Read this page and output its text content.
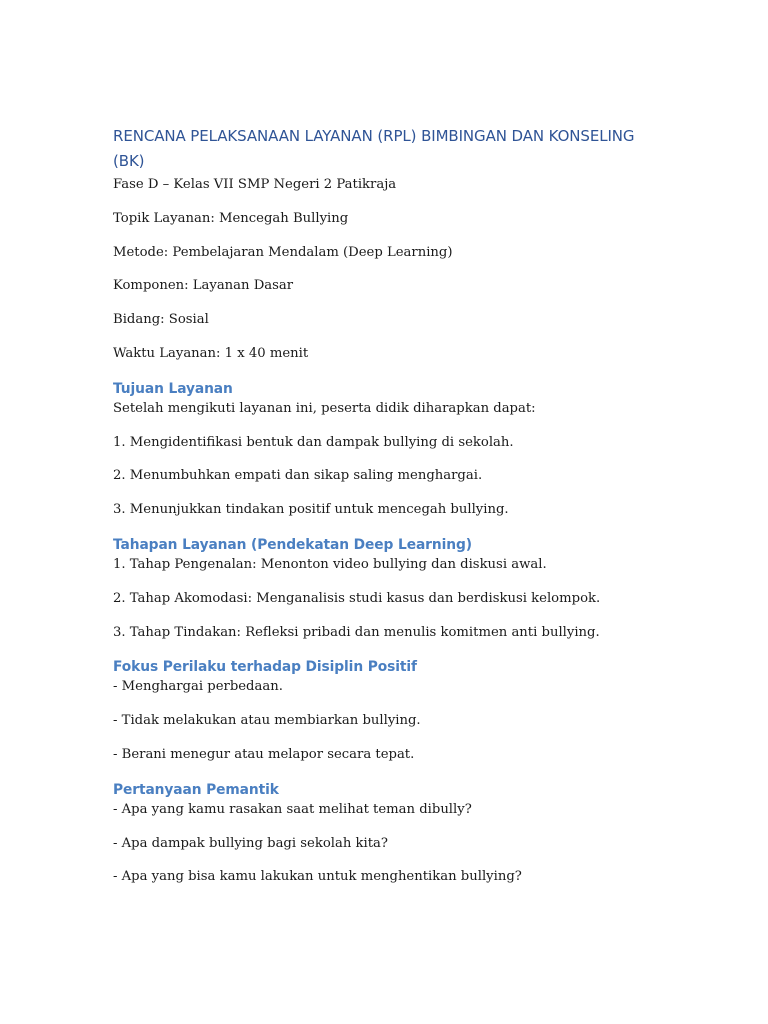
RENCANA PELAKSANAAN LAYANAN (RPL) BIMBINGAN DAN KONSELING (BK)

Fase D – Kelas VII SMP Negeri 2 Patikraja

Topik Layanan: Mencegah Bullying

Metode: Pembelajaran Mendalam (Deep Learning)

Komponen: Layanan Dasar

Bidang: Sosial

Waktu Layanan: 1 x 40 menit

Tujuan Layanan

Setelah mengikuti layanan ini, peserta didik diharapkan dapat:

1. Mengidentifikasi bentuk dan dampak bullying di sekolah.

2. Menumbuhkan empati dan sikap saling menghargai.

3. Menunjukkan tindakan positif untuk mencegah bullying.

Tahapan Layanan (Pendekatan Deep Learning)

1. Tahap Pengenalan: Menonton video bullying dan diskusi awal.

2. Tahap Akomodasi: Menganalisis studi kasus dan berdiskusi kelompok.

3. Tahap Tindakan: Refleksi pribadi dan menulis komitmen anti bullying.

Fokus Perilaku terhadap Disiplin Positif

- Menghargai perbedaan.

- Tidak melakukan atau membiarkan bullying.

- Berani menegur atau melapor secara tepat.

Pertanyaan Pemantik

- Apa yang kamu rasakan saat melihat teman dibully?

- Apa dampak bullying bagi sekolah kita?

- Apa yang bisa kamu lakukan untuk menghentikan bullying?
